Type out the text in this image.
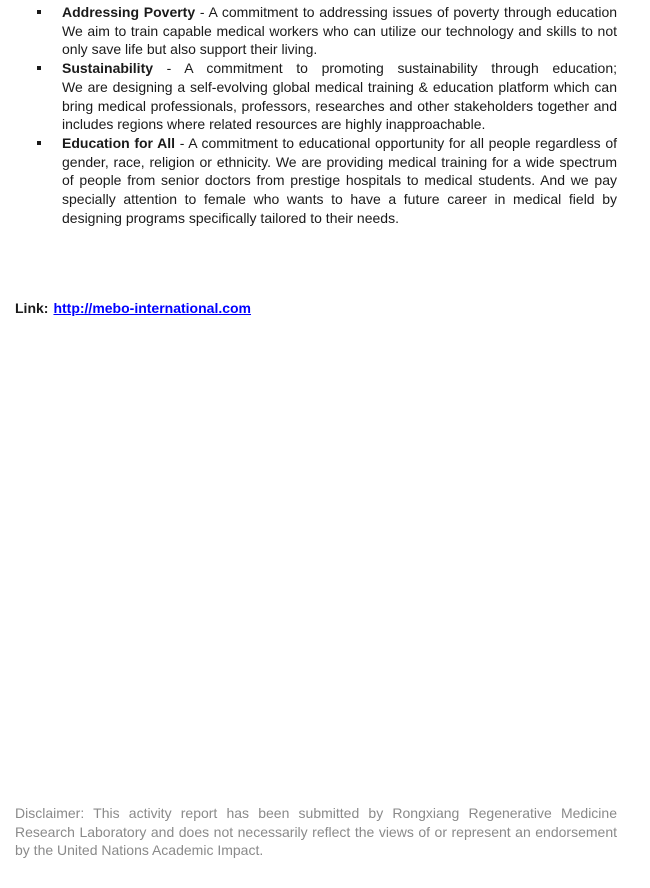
Addressing Poverty - A commitment to addressing issues of poverty through education
We aim to train capable medical workers who can utilize our technology and skills to not only save life but also support their living.
Sustainability - A commitment to promoting sustainability through education;
We are designing a self-evolving global medical training & education platform which can bring medical professionals, professors, researches and other stakeholders together and includes regions where related resources are highly inapproachable.
Education for All - A commitment to educational opportunity for all people regardless of gender, race, religion or ethnicity. We are providing medical training for a wide spectrum of people from senior doctors from prestige hospitals to medical students. And we pay specially attention to female who wants to have a future career in medical field by designing programs specifically tailored to their needs.

Link: http://mebo-international.com

Disclaimer: This activity report has been submitted by Rongxiang Regenerative Medicine Research Laboratory and does not necessarily reflect the views of or represent an endorsement by the United Nations Academic Impact.
